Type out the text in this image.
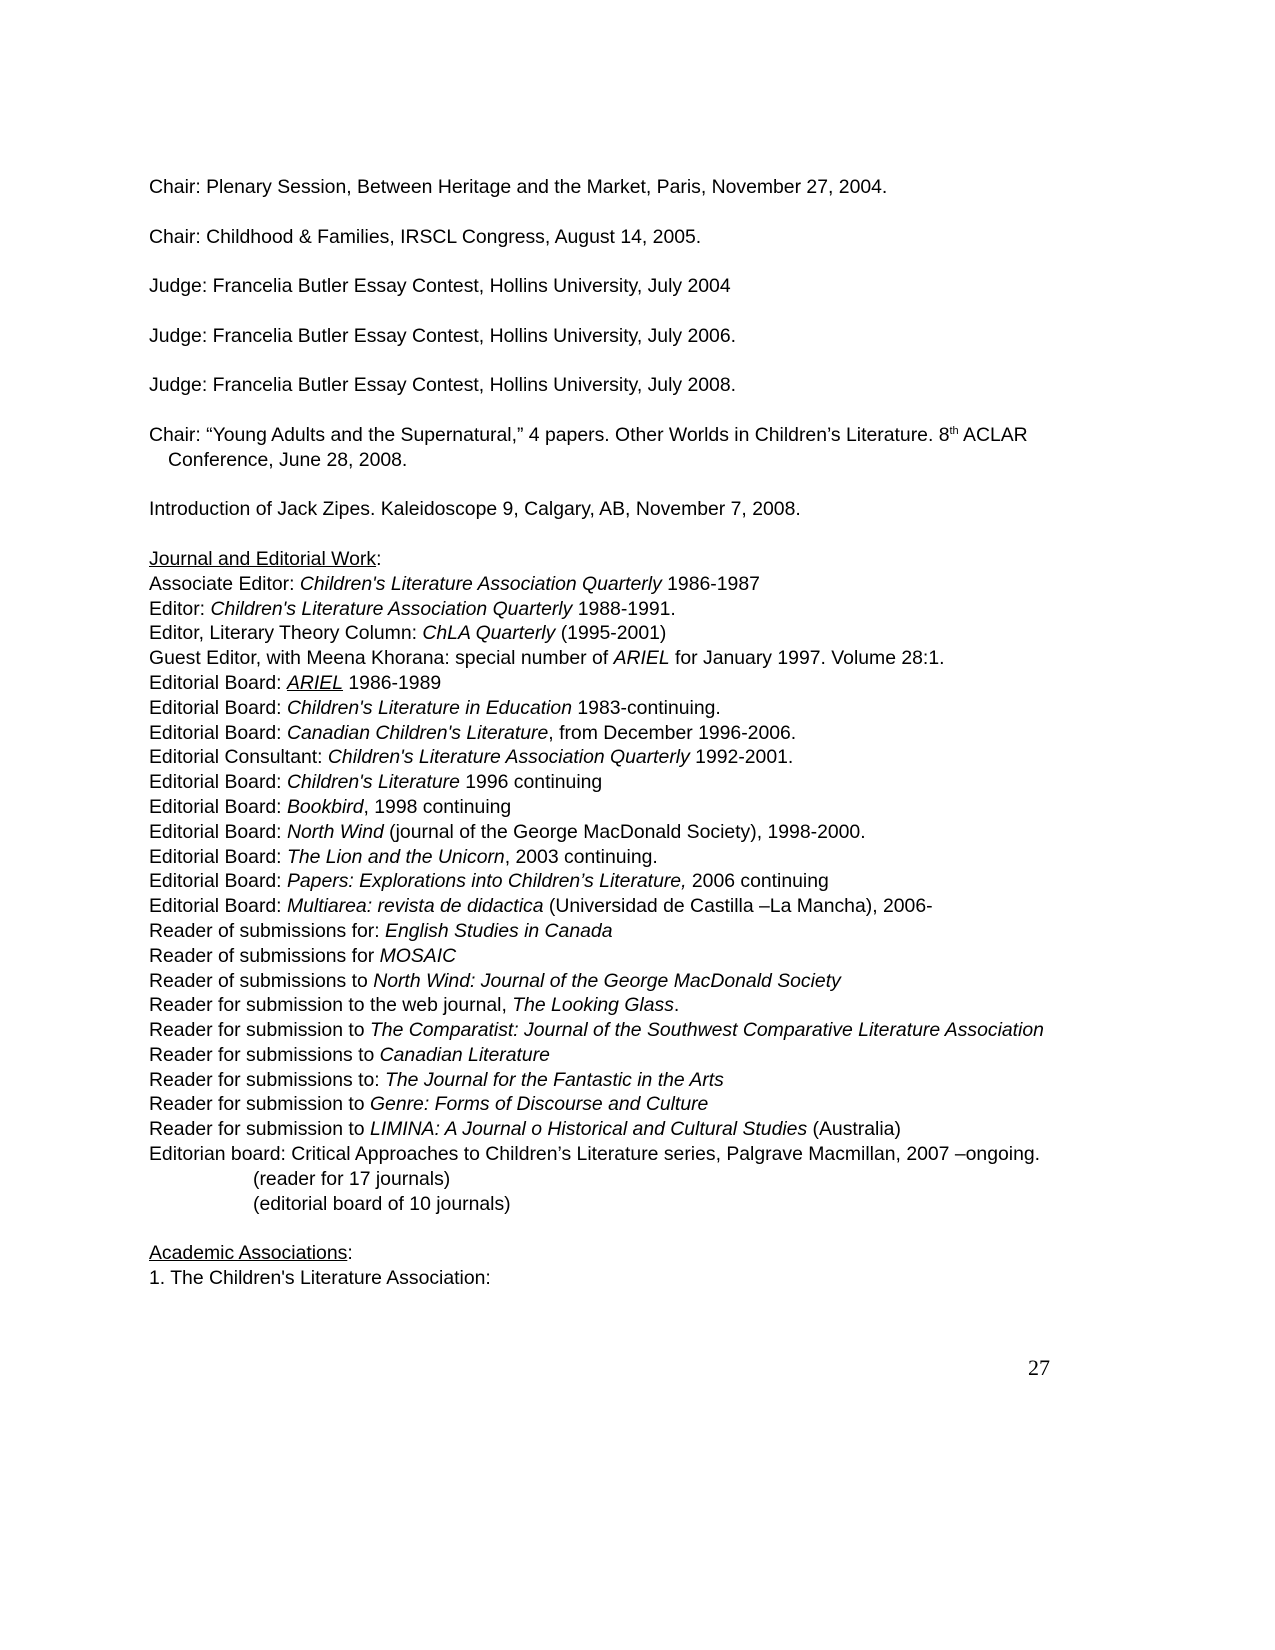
Chair: Plenary Session, Between Heritage and the Market, Paris, November 27, 2004.

Chair: Childhood & Families, IRSCL Congress, August 14, 2005.

Judge: Francelia Butler Essay Contest, Hollins University, July 2004

Judge: Francelia Butler Essay Contest, Hollins University, July 2006.

Judge: Francelia Butler Essay Contest, Hollins University, July 2008.

Chair: “Young Adults and the Supernatural,” 4 papers. Other Worlds in Children’s Literature. 8th ACLAR Conference, June 28, 2008.

Introduction of Jack Zipes. Kaleidoscope 9, Calgary, AB, November 7, 2008.

Journal and Editorial Work:

Associate Editor: Children's Literature Association Quarterly 1986-1987

Editor: Children's Literature Association Quarterly 1988-1991.

Editor, Literary Theory Column: ChLA Quarterly (1995-2001)

Guest Editor, with Meena Khorana: special number of ARIEL for January 1997. Volume 28:1.

Editorial Board: ARIEL 1986-1989

Editorial Board: Children's Literature in Education 1983-continuing.

Editorial Board: Canadian Children's Literature, from December 1996-2006.

Editorial Consultant: Children's Literature Association Quarterly 1992-2001.

Editorial Board: Children's Literature 1996 continuing

Editorial Board: Bookbird, 1998 continuing

Editorial Board: North Wind (journal of the George MacDonald Society), 1998-2000.

Editorial Board: The Lion and the Unicorn, 2003 continuing.

Editorial Board: Papers: Explorations into Children’s Literature, 2006 continuing

Editorial Board: Multiarea: revista de didactica (Universidad de Castilla –La Mancha), 2006-

Reader of submissions for: English Studies in Canada

Reader of submissions for MOSAIC

Reader of submissions to North Wind: Journal of the George MacDonald Society

Reader for submission to the web journal, The Looking Glass.

Reader for submission to The Comparatist: Journal of the Southwest Comparative Literature Association

Reader for submissions to Canadian Literature

Reader for submissions to: The Journal for the Fantastic in the Arts

Reader for submission to Genre: Forms of Discourse and Culture

Reader for submission to LIMINA: A Journal o Historical and Cultural Studies (Australia)

Editorian board: Critical Approaches to Children’s Literature series, Palgrave Macmillan, 2007 –ongoing.

(reader for 17 journals)

(editorial board of 10 journals)

Academic Associations:

1. The Children's Literature Association:

27
